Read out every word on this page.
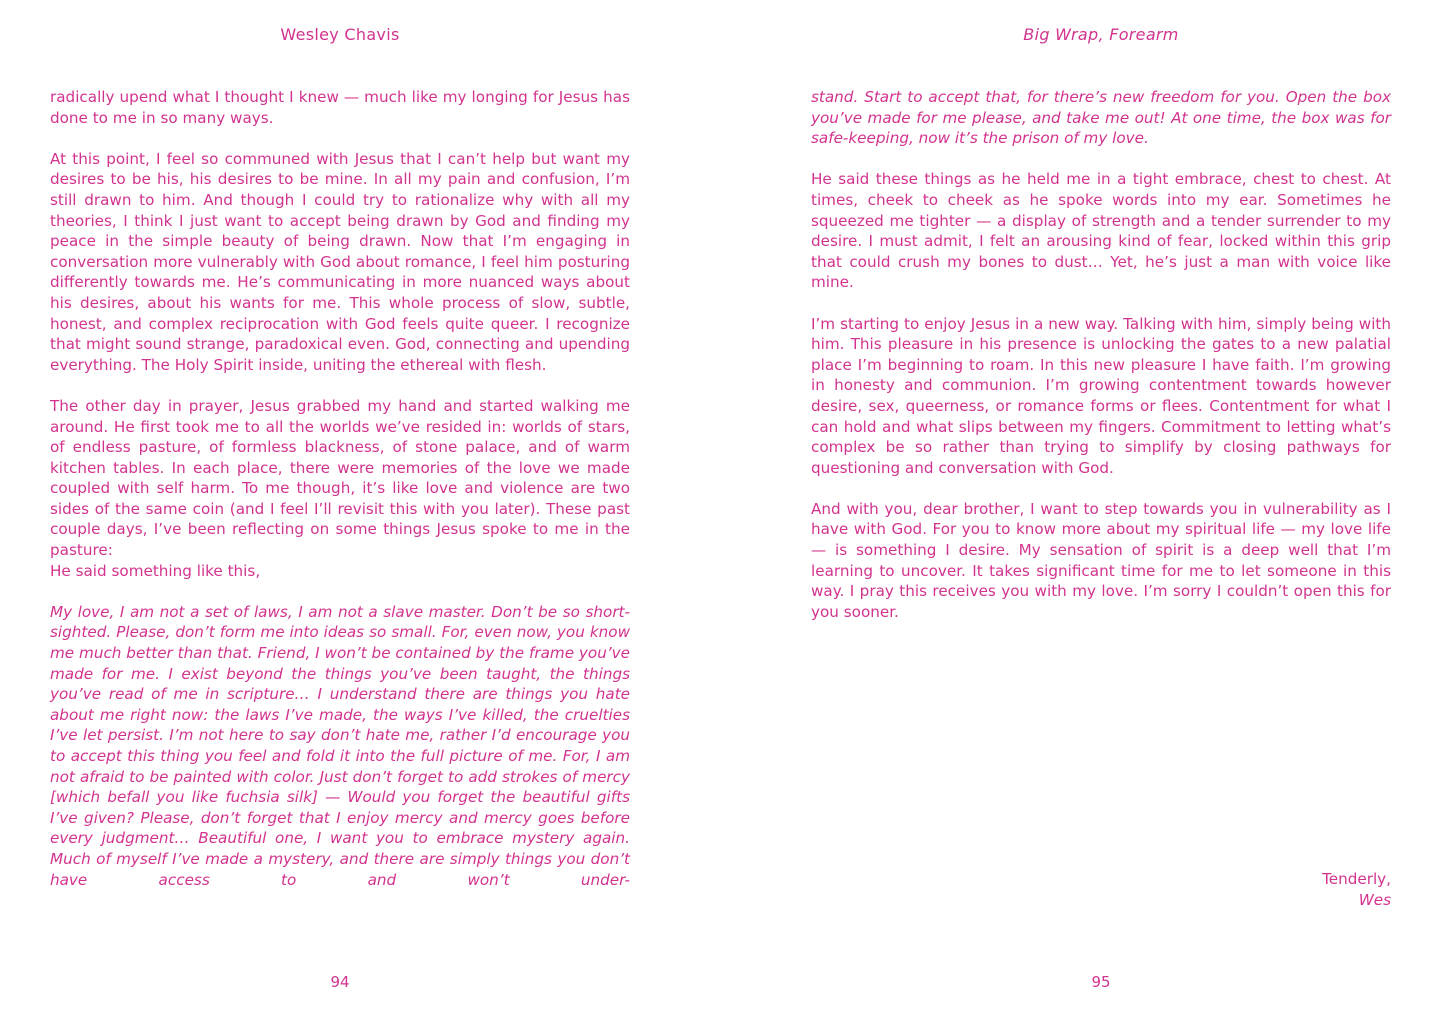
Wesley Chavis

radically upend what I thought I knew — much like my longing for Jesus has done to me in so many ways.

At this point, I feel so communed with Jesus that I can’t help but want my desires to be his, his desires to be mine. In all my pain and confusion, I’m still drawn to him. And though I could try to rationalize why with all my theories, I think I just want to accept being drawn by God and finding my peace in the simple beauty of being drawn. Now that I’m engaging in conversation more vulnerably with God about romance, I feel him posturing differently towards me. He’s communicating in more nuanced ways about his desires, about his wants for me. This whole process of slow, subtle, honest, and complex reciprocation with God feels quite queer. I recognize that might sound strange, paradoxical even. God, connecting and upending everything. The Holy Spirit inside, uniting the ethereal with flesh.

The other day in prayer, Jesus grabbed my hand and started walking me around. He first took me to all the worlds we’ve resided in: worlds of stars, of endless pasture, of formless blackness, of stone palace, and of warm kitchen tables. In each place, there were memories of the love we made coupled with self harm. To me though, it’s like love and violence are two sides of the same coin (and I feel I’ll revisit this with you later). These past couple days, I’ve been reflecting on some things Jesus spoke to me in the pasture:

He said something like this,

My love, I am not a set of laws, I am not a slave master. Don’t be so short-sighted. Please, don’t form me into ideas so small. For, even now, you know me much better than that. Friend, I won’t be contained by the frame you’ve made for me. I exist beyond the things you’ve been taught, the things you’ve read of me in scripture… I understand there are things you hate about me right now: the laws I’ve made, the ways I’ve killed, the cruelties I’ve let persist. I’m not here to say don’t hate me, rather I’d encourage you to accept this thing you feel and fold it into the full picture of me. For, I am not afraid to be painted with color. Just don’t forget to add strokes of mercy [which befall you like fuchsia silk] — Would you forget the beautiful gifts I’ve given? Please, don’t forget that I enjoy mercy and mercy goes before every judgment… Beautiful one, I want you to embrace mystery again. Much of myself I’ve made a mystery, and there are simply things you don’t have access to and won’t under-

94
Big Wrap, Forearm

stand. Start to accept that, for there’s new freedom for you. Open the box you’ve made for me please, and take me out! At one time, the box was for safe-keeping, now it’s the prison of my love.

He said these things as he held me in a tight embrace, chest to chest. At times, cheek to cheek as he spoke words into my ear. Sometimes he squeezed me tighter — a display of strength and a tender surrender to my desire. I must admit, I felt an arousing kind of fear, locked within this grip that could crush my bones to dust… Yet, he’s just a man with voice like mine.

I’m starting to enjoy Jesus in a new way. Talking with him, simply being with him. This pleasure in his presence is unlocking the gates to a new palatial place I’m beginning to roam. In this new pleasure I have faith. I’m growing in honesty and communion. I’m growing contentment towards however desire, sex, queerness, or romance forms or flees. Contentment for what I can hold and what slips between my fingers. Commitment to letting what’s complex be so rather than trying to simplify by closing pathways for questioning and conversation with God.

And with you, dear brother, I want to step towards you in vulnerability as I have with God. For you to know more about my spiritual life — my love life — is something I desire. My sensation of spirit is a deep well that I’m learning to uncover. It takes significant time for me to let someone in this way. I pray this receives you with my love. I’m sorry I couldn’t open this for you sooner.

Tenderly,
Wes
95
